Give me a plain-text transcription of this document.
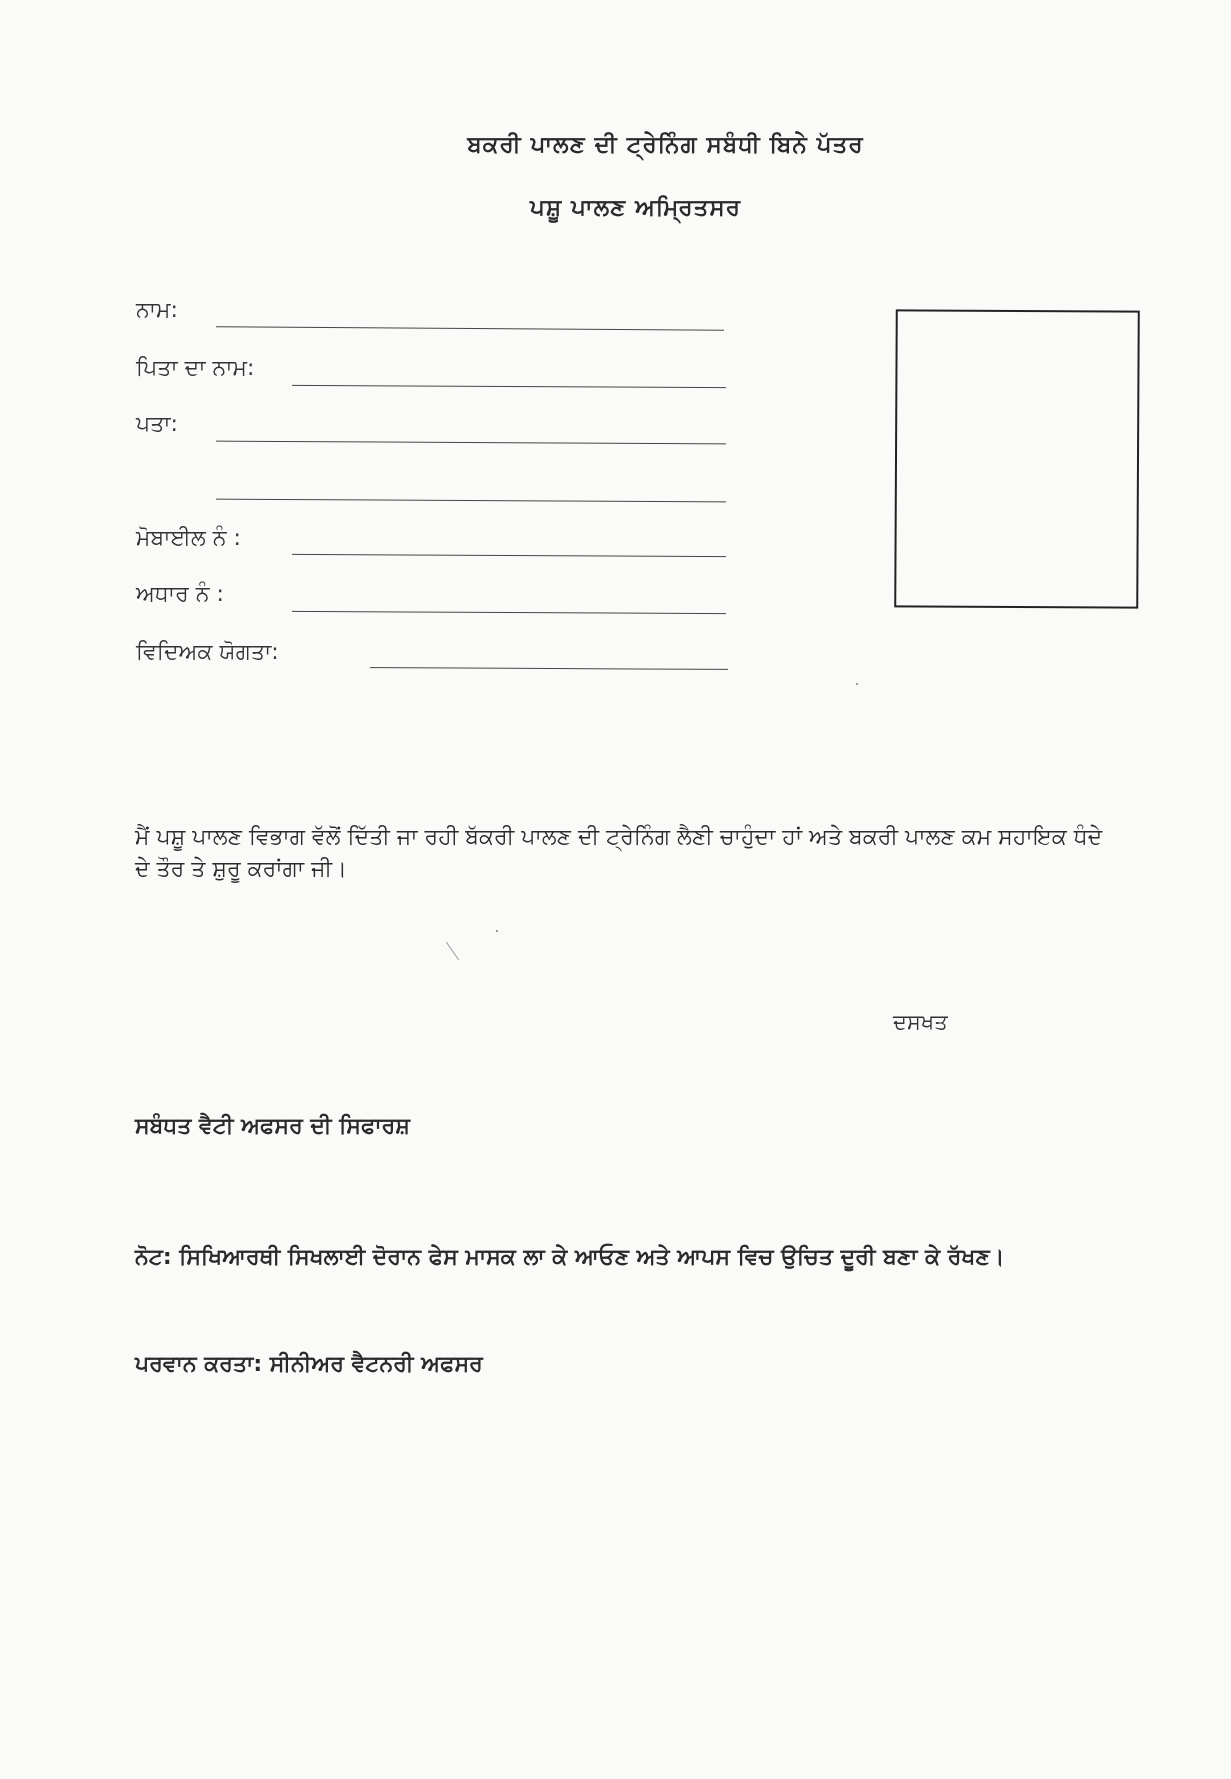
ਬਕਰੀ ਪਾਲਣ ਦੀ ਟ੍ਰੇਨਿੰਗ ਸਬੰਧੀ ਬਿਨੇ ਪੱਤਰ
ਪਸ਼ੂ ਪਾਲਣ ਅਮ੍ਰਿਤਸਰ
ਨਾਮ:
ਪਿਤਾ ਦਾ ਨਾਮ:
ਪਤਾ:
ਮੋਬਾਈਲ ਨੰ :
ਅਧਾਰ ਨੰ :
ਵਿਦਿਅਕ ਯੋਗਤਾ:
ਮੈਂ ਪਸ਼ੂ ਪਾਲਣ ਵਿਭਾਗ ਵੱਲੋਂ ਦਿੱਤੀ ਜਾ ਰਹੀ ਬੱਕਰੀ ਪਾਲਣ ਦੀ ਟ੍ਰੇਨਿੰਗ ਲੈਣੀ ਚਾਹੁੰਦਾ ਹਾਂ ਅਤੇ ਬਕਰੀ ਪਾਲਣ ਕਮ ਸਹਾਇਕ ਧੰਦੇ ਦੇ ਤੌਰ ਤੇ ਸ਼ੁਰੂ ਕਰਾਂਗਾ ਜੀ।
ਦਸਖਤ
ਸਬੰਧਤ ਵੈਟੀ ਅਫਸਰ ਦੀ ਸਿਫਾਰਸ਼
ਨੋਟ: ਸਿਖਿਆਰਥੀ ਸਿਖਲਾਈ ਦੋਰਾਨ ਫੇਸ ਮਾਸਕ ਲਾ ਕੇ ਆਓਣ ਅਤੇ ਆਪਸ ਵਿਚ ਉਚਿਤ ਦੂਰੀ ਬਣਾ ਕੇ ਰੱਖਣ।
ਪਰਵਾਨ ਕਰਤਾ: ਸੀਨੀਅਰ ਵੈਟਨਰੀ ਅਫਸਰ
